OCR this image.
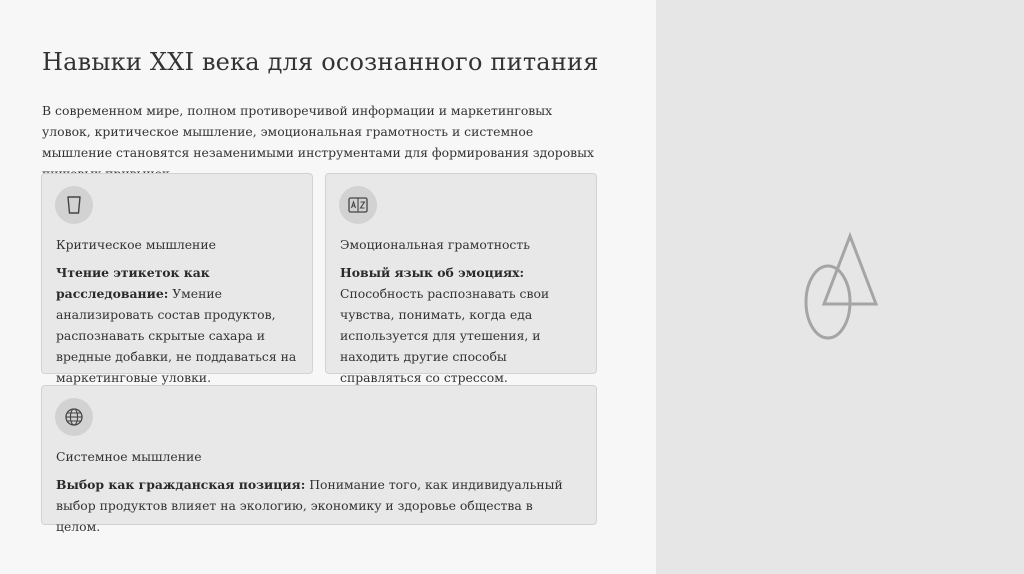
Навыки XXI века для осознанного питания

В современном мире, полном противоречивой информации и маркетинговых уловок, критическое мышление, эмоциональная грамотность и системное мышление становятся незаменимыми инструментами для формирования здоровых

Критическое мышление
Чтение этикеток как расследование: Умение анализировать состав продуктов, распознавать скрытые сахара и вредные добавки, не поддаваться на маркетинговые уловки.
Эмоциональная грамотность
Новый язык об эмоциях: Способность распознавать свои чувства, понимать, когда еда используется для утешения, и находить другие способы справляться со стрессом.
Системное мышление
Выбор как гражданская позиция: Понимание того, как индивидуальный выбор продуктов влияет на экологию, экономику и здоровье общества в целом.
